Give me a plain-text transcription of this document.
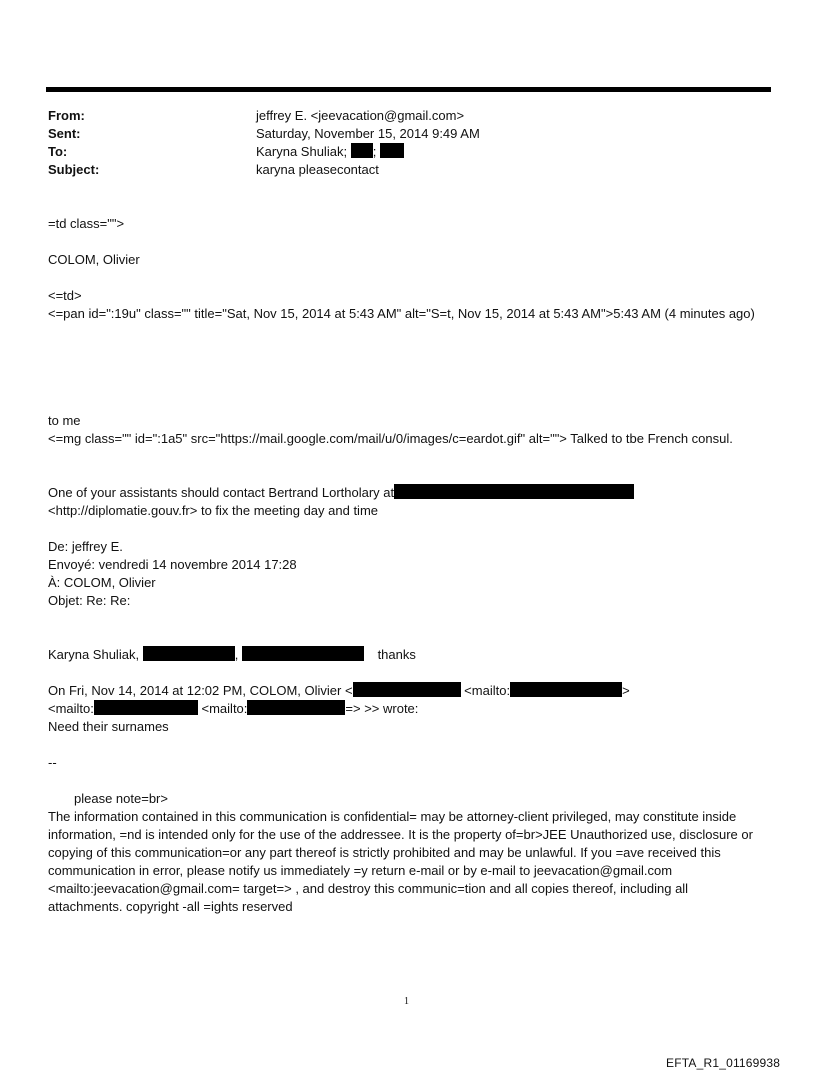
From:	jeffrey E. <jeevacation@gmail.com>
Sent:	Saturday, November 15, 2014 9:49 AM
To:	Karyna Shuliak; ;
Subject:	karyna pleasecontact
=td class="">
COLOM, Olivier
<=td>
<=pan id=":19u" class="" title="Sat, Nov 15, 2014 at 5:43 AM" alt="S=t, Nov 15, 2014 at 5:43 AM">5:43 AM (4 minutes ago)
to me
<=mg class="" id=":1a5" src="https://mail.google.com/mail/u/0/images/c=eardot.gif" alt=""> Talked to tbe French consul.
One of your assistants should contact Bertrand Lortholary at
<http://diplomatie.gouv.fr> to fix the meeting day and time
De: jeffrey E.
Envoyé: vendredi 14 novembre 2014 17:28
À: COLOM, Olivier
Objet: Re: Re:
Karyna Shuliak,	,	thanks
On Fri, Nov 14, 2014 at 12:02 PM, COLOM, Olivier <	<mailto:	>
<mailto:	<mailto:	=> >> wrote:
Need their surnames
--
please note=br>
The information contained in this communication is confidential= may be attorney-client privileged, may constitute inside information, =nd is intended only for the use of the addressee. It is the property of=br>JEE Unauthorized use, disclosure or copying of this communication=or any part thereof is strictly prohibited and may be unlawful. If you =ave received this communication in error, please notify us immediately =y return e-mail or by e-mail to jeevacation@gmail.com <mailto:jeevacation@gmail.com= target=> , and destroy this communic=tion and all copies thereof, including all attachments. copyright -all =ights reserved
1
EFTA_R1_01169938
